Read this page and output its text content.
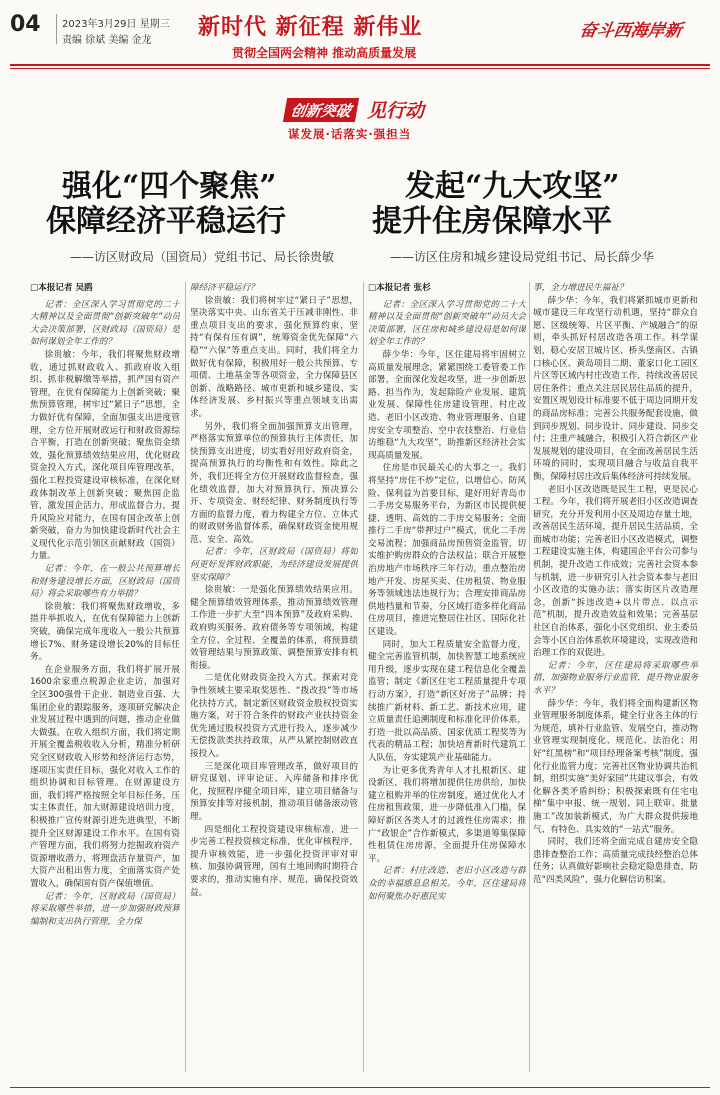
04 2023年3月29日 星期三
责编 徐斌 美编 金龙
新时代 新征程 新伟业
贯彻全国两会精神 推动高质量发展
奋斗西海岸新
创新突破 见行动
谋发展·话落实·强担当
强化“四个聚焦”
保障经济平稳运行
——访区财政局（国资局）党组书记、局长徐贵敏
发起“九大攻坚”
提升住房保障水平
——访区住房和城乡建设局党组书记、局长薛少华
□本报记者 吴鸥

记者：全区深入学习贯彻党的二十大精神以及全面贯彻“创新突破年”动员大会决策部署，区财政局（国资局）是如何谋划全年工作的？

徐贵敏：今年，我们将聚焦财政增收，通过抓财政收入、抓政府收入组织、抓非税解缴等举措，抓严国有资产管理，在优有保障能力上创新突破；聚焦预算管理，树牢过“紧日子”思想，全力做好优有保障，全面加强支出进度管理，全方位开展财政运行和财政资源综合平衡，打造在创新突破；聚焦资金绩效，强化预算绩效结果应用，优化财政资金投入方式，深化项目库管理改革，强化工程投资建设审核标准，在深化财政体制改革上创新突破；聚焦国企监管，激发国企活力，形成监督合力，提升风险应对能力，在国有国企改革上创新突破，奋力为加快建设新时代社会主义现代化示范引领区贡献财政（国资）力量。

记者：今年，在一般公共预算增长和财务建设增长方面，区财政局（国资局）将会采取哪些有力举措？

徐贵敏：我们将聚焦财政增收，多措并举抓收入，在优有保障能力上创新突破，确保完成年度收入一般公共预算增长7%、财务建设增长20%的目标任务。

在企业服务方面，我们将扩展开展1600余家重点税源企业走访，加强对全区300强骨干企业、制造业百强、大集团企业的跟踪服务，逐项研究解决企业发展过程中遇到的问题，推动企业做大做强。在收入组织方面，我们将定期开展全覆盖税收收入分析，精准分析研究全区财政收入形势和经济运行态势，逐项压实责任目标，强化对收入工作的组织协调和目标管理。在财源建设方面，我们将严格按照全年目标任务，压实主体责任，加大财源建设培训力度，积极推广宣传财源引进先进典型，不断提升全区财源建设工作水平。在国有资产管理方面，我们将努力挖掘政府资产资源增收潜力，将理盘活存量资产，加大资产出租出售力度，全面落实资产处置收入，确保国有资产保值增值。

记者：今年，区财政局（国资局）将采取哪些举措，进一步加强财政预算编制和支出执行管理，全力保

障经济平稳运行？

徐贵敏：我们将树牢过“紧日子”思想，坚决落实中央、山东省关于压减非刚性、非重点项目支出的要求，强化预算约束，坚持“有保有压有调”，统筹资金优先保障“六稳”“六保”等重点支出。同时，我们将全力做好优有保障，积极用好一般公共预算、专项债、土地基金等各项资金，全力保障县区创新、战略路径、城市更新和城乡建设、实体经济发展、乡村振兴等重点领域支出需求。

另外，我们将全面加强预算支出管理，严格落实预算单位的预算执行主体责任，加快预算支出进度，切实看好用好政府资金，提高预算执行的均衡性和有效性。除此之外，我们还将全方位开展财政监督检查，强化绩效监督，加大对预算执行、预决算公开、专项资金、财经纪律、财务制度执行等方面的监督力度，着力构建全方位、立体式的财政财务监督体系，确保财政资金使用规范、安全、高效。

记者：今年，区财政局（国资局）将如何更好发挥财政职能，为经济建设发展提供坚实保障？

徐贵敏：一是强化预算绩效结果应用。健全预算绩效管理体系，推动预算绩效管理工作进一步扩大至“四本预算”及政府采购、政府购买服务、政府债务等专项领域，构建全方位、全过程、全覆盖的体系，将预算绩效管理结果与预算政策、调整预算安排有机衔接。

二是优化财政资金投入方式。探索对竞争性领域主要采取奖惩性、“拨改投”等市场化扶持方式，制定新区财政资金股权投资实施方案，对于符合条件的财政产业扶持资金优先通过股权投资方式进行投入，逐步减少无偿拨款类扶持政策，从严从紧控制财政直接投入。

三是深化项目库管理改革，做好项目的研究谋划、评审论证、入库储备和排序优化，按照程序健全项目库，建立项目储备与预算安排等对接机制，推动项目储备滚动管理。

四是细化工程投资建设审核标准，进一步完善工程投资核定标准，优化审核程序，提升审核效能，进一步强化投资评审对审核、加强协调管理，国有土地回购时期符合要求的，推动实施有序、规范，确保投资效益。

□本报记者 张杉

记者：全区深入学习贯彻党的二十大精神以及全面贯彻“创新突破年”动员大会决策部署，区住房和城乡建设局是如何谋划全年工作的？

薛少华：今年，区住建局将牢固树立高质量发展理念，紧紧围绕工委管委工作部署，全面深化发起攻坚，进一步创新思路、担当作为，发起除险产业发展、建筑业发展、保障性住房建设管理、村庄改造、老旧小区改造、物业管理服务、自建房安全专项整治、空中农技整治、行业信访维稳“九大攻坚”，助推新区经济社会实现高质量发展。

住房是市民最关心的大事之一。我们将坚持“房住不炒”定位，以增信心、防风险、保利益为首要目标，建好用好青岛市二手房交易服务平台，为新区市民提供便捷、透明、高效的二手房交易服务；全面推行二手房“带押过户”模式，优化二手房交易流程；加强商品房预售资金监管，切实维护购房群众的合法权益；联合开展整治房地产市场秩序三年行动，重点整治房地产开发、房屋买卖、住房租赁、物业服务等领域违法违规行为；合理安排商品房供地档量和节奏，分区域打造多样化商品住房项目，推进完整居住社区、国际化社区建设。

同时，加大工程质量安全监督力度，健全完善监管机制，加快智慧工地系统应用升级，逐步实现在建工程信息化全覆盖监管；制定《新区住宅工程质量提升专项行动方案》，打造“新区好房子”品牌；持续推广新材料、新工艺、新技术应用，建立质量责任追溯制度和标准化评价体系，打造一批以高品质、国家优质工程奖等为代表的精品工程；加快培育新时代建筑工人队伍，夯实建筑产业基础能力。

为让更多优秀青年人才扎根新区、建设新区，我们将增加提供住房供给，加快建立租购并举的住房制度，通过优化人才住房租售政策，进一步降低准入门槛，保障好新区各类人才的过渡性住房需求；推广“政银企”合作新模式，多渠道筹集保障性租赁住房房源，全面提升住房保障水平。

记者：村庄改造、老旧小区改造与群众的幸福感息息相关。今年，区住建局将如何聚焦办好惠民实

事，全力增进民生福祉？

薛少华：今年，我们将紧抓城市更新和城市建设三年攻坚行动机遇，坚持“群众自愿、区级统筹、片区平衡、产城融合”的原则，牵头抓好村居改造各项工作。科学谋划，稳心安居卫城片区、桥头堡南区、古镇口核心区、黄岛项目二期、董家口化工园区片区等区域内村庄改造工作，持续改善居民居住条件；重点关注居民居住品质的提升，安置区规划设计标准要不低于周边同期开发的商品房标准；完善公共服务配套设施，做到同步规划、同步设计、同步建设、同步交付；注重产城融合，积极引入符合新区产业发展规划的建设项目，在全面改善居民生活环境的同时，实现项目融合与收益自我平衡，保障村居庄改后集体经济可持续发展。

老旧小区改造既是民生工程，更是民心工程。今年，我们将开展老旧小区改造调查研究，充分开发利用小区及周边存量土地，改善居民生活环境，提升居民生活品质，全面城市功能；完善老旧小区改造模式，调整工程建设实施主体，构建国企平台公司参与机制，提升改造工作成效；完善社会资本参与机制，进一步研究引入社会资本参与老旧小区改造的实施办法；落实街区片改造理念，创新“拆违改造+以片带点、以点示范”机制，提升改造效益和效果；完善基层社区自治体系，强化小区党组织、业主委员会等小区自治体系软环境建设，实现改造和治理工作的双促进。

记者：今年，区住建局将采取哪些举措，加强物业服务行业监管，提升物业服务水平？

薛少华：今年，我们将全面构建新区物业管理服务制度体系，健全行业各主体的行为规范，填补行业监管、发展空白，推动物业管理实现制度化、规范化、法治化；用好“红黑榜”和“项目经理备案考核”制度，强化行业监管力度；完善社区物业协调共治机制，组织实施“美好家园”共建议事会，有效化解各类矛盾纠纷；积极探索既有住宅电梯“集中申报、统一规划、同上联审、批量施工”改加装新模式，为广大群众提供接地气、有特色、具实效的“一站式”服务。

同时，我们还将全面完成自建房安全隐患排查整治工作；高质量完成技经整治总体任务；认真做好影响社会稳定隐患排查，防范“四类风险”，强力化解信访积案。
